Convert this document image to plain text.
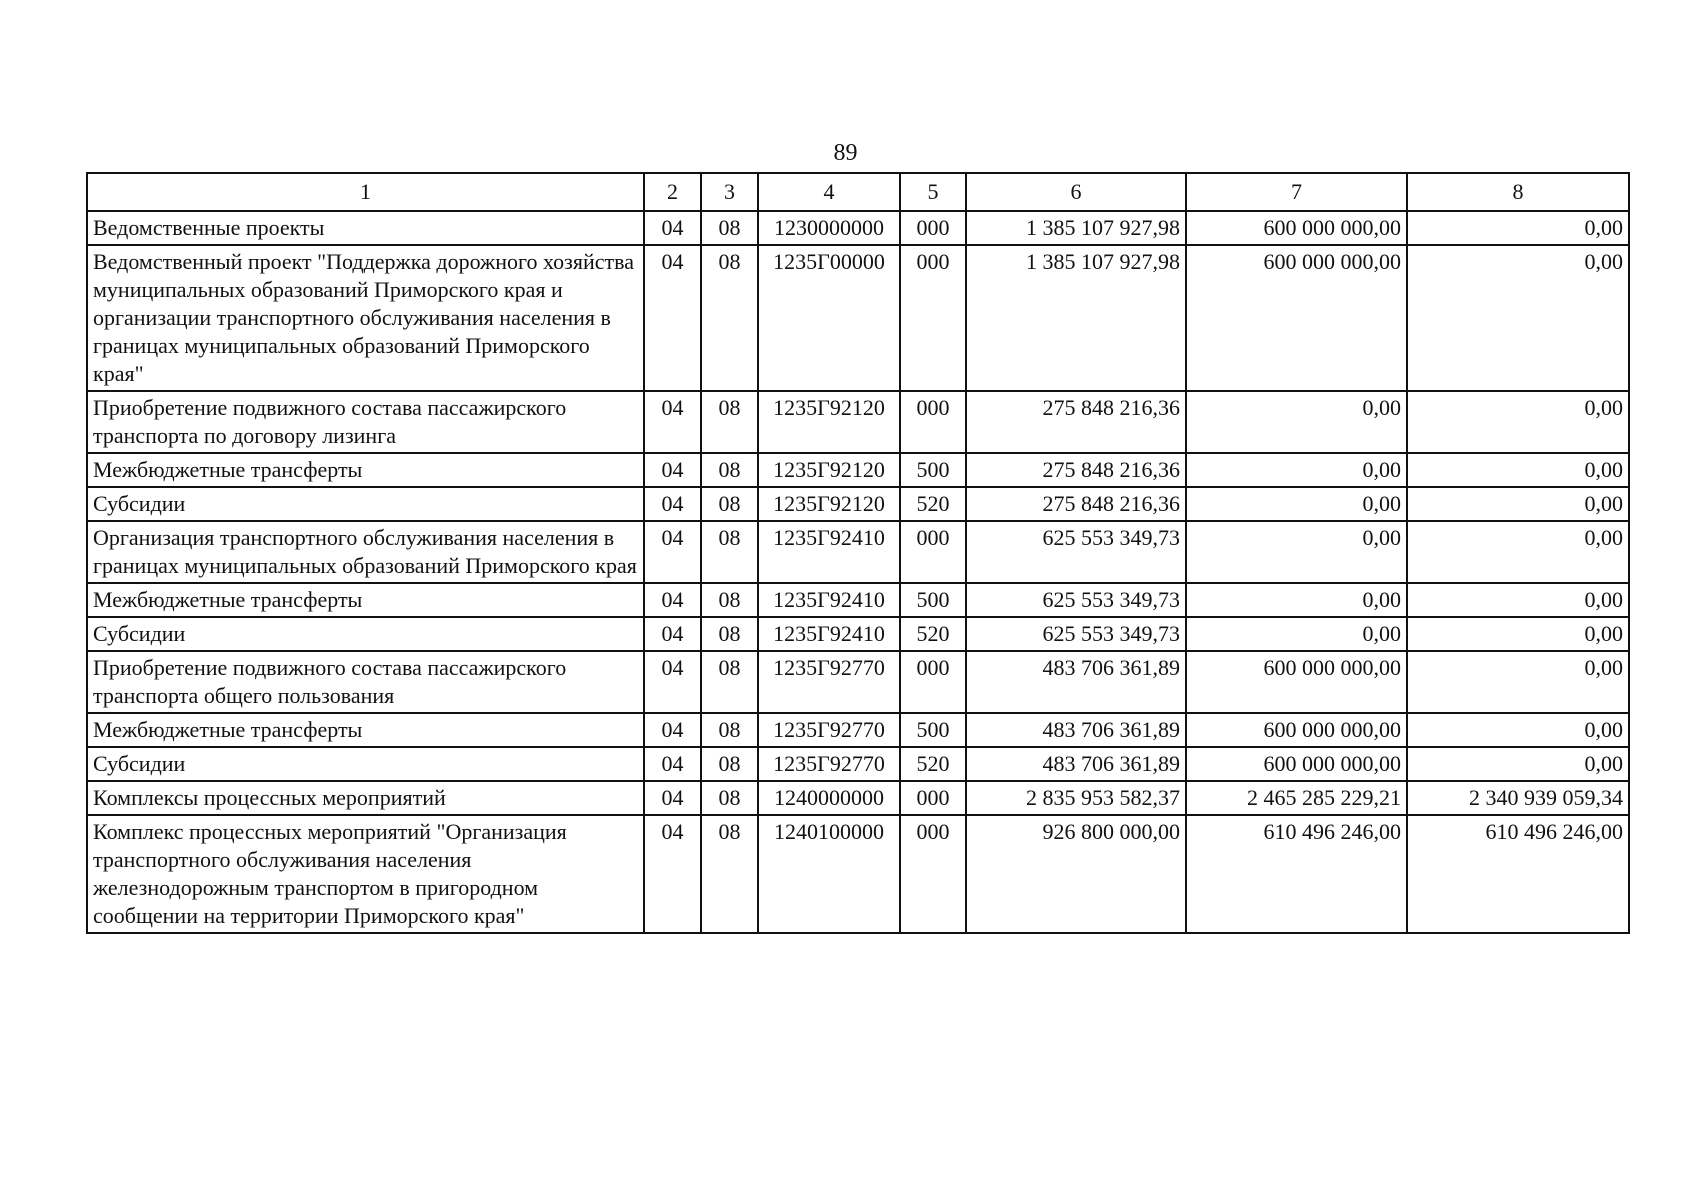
89
1	2	3	4	5	6	7	8
Ведомственные проекты	04	08	1230000000	000	1 385 107 927,98	600 000 000,00	0,00
Ведомственный проект "Поддержка дорожного хозяйства муниципальных образований Приморского края и организации транспортного обслуживания населения в границах муниципальных образований Приморского края"	04	08	1235Г00000	000	1 385 107 927,98	600 000 000,00	0,00
Приобретение подвижного состава пассажирского транспорта по договору лизинга	04	08	1235Г92120	000	275 848 216,36	0,00	0,00
Межбюджетные трансферты	04	08	1235Г92120	500	275 848 216,36	0,00	0,00
Субсидии	04	08	1235Г92120	520	275 848 216,36	0,00	0,00
Организация транспортного обслуживания населения в границах муниципальных образований Приморского края	04	08	1235Г92410	000	625 553 349,73	0,00	0,00
Межбюджетные трансферты	04	08	1235Г92410	500	625 553 349,73	0,00	0,00
Субсидии	04	08	1235Г92410	520	625 553 349,73	0,00	0,00
Приобретение подвижного состава пассажирского транспорта общего пользования	04	08	1235Г92770	000	483 706 361,89	600 000 000,00	0,00
Межбюджетные трансферты	04	08	1235Г92770	500	483 706 361,89	600 000 000,00	0,00
Субсидии	04	08	1235Г92770	520	483 706 361,89	600 000 000,00	0,00
Комплексы процессных мероприятий	04	08	1240000000	000	2 835 953 582,37	2 465 285 229,21	2 340 939 059,34
Комплекс процессных мероприятий "Организация транспортного обслуживания населения железнодорожным транспортом в пригородном сообщении на территории Приморского края"	04	08	1240100000	000	926 800 000,00	610 496 246,00	610 496 246,00
